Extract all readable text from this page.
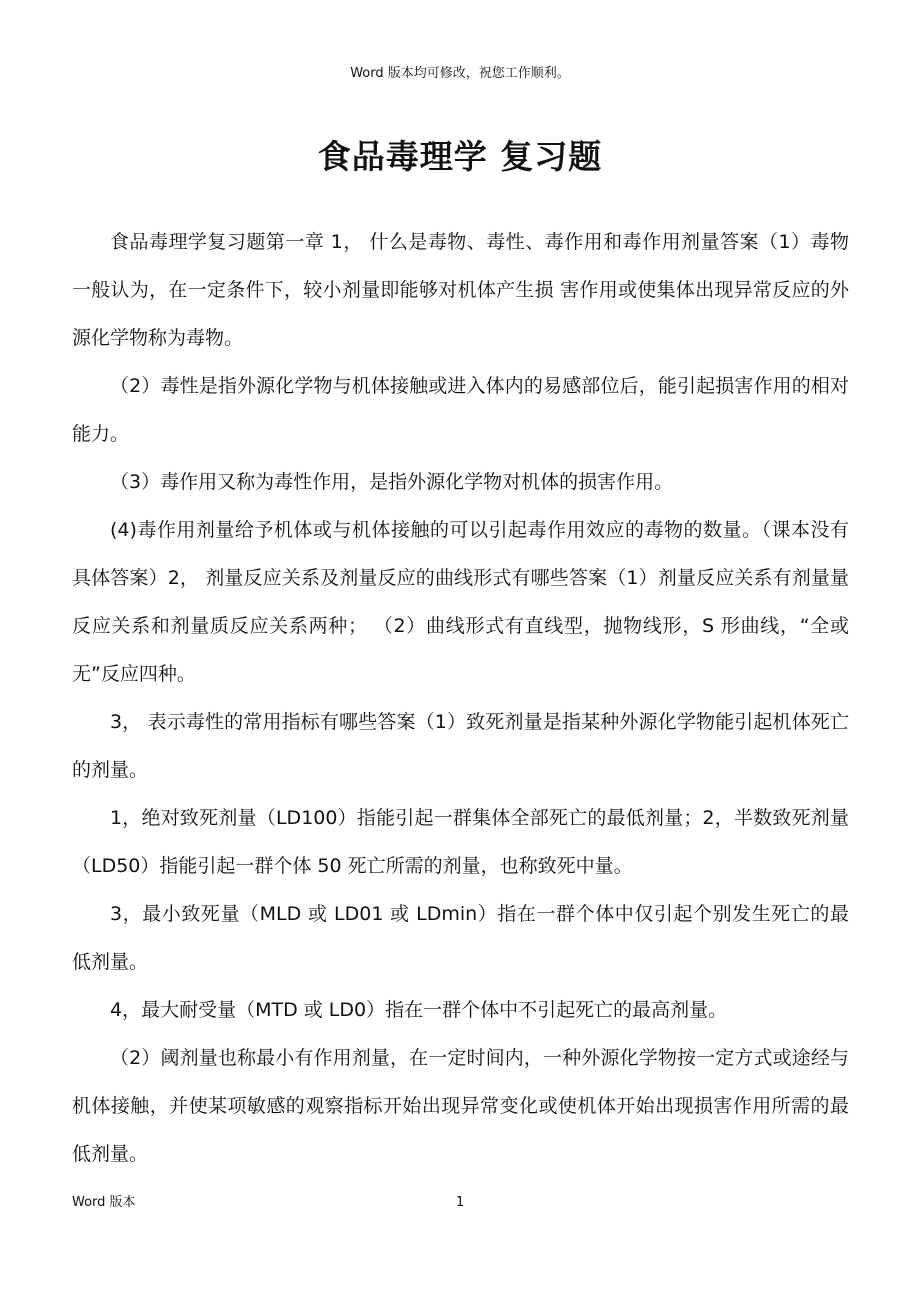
Word 版本均可修改，祝您工作顺利。
食品毒理学 复习题

食品毒理学复习题第一章 1， 什么是毒物、毒性、毒作用和毒作用剂量答案（1）毒物一般认为，在一定条件下，较小剂量即能够对机体产生损 害作用或使集体出现异常反应的外源化学物称为毒物。

（2）毒性是指外源化学物与机体接触或进入体内的易感部位后，能引起损害作用的相对能力。

（3）毒作用又称为毒性作用，是指外源化学物对机体的损害作用。

(4)毒作用剂量给予机体或与机体接触的可以引起毒作用效应的毒物的数量。（课本没有具体答案）2， 剂量反应关系及剂量反应的曲线形式有哪些答案（1）剂量反应关系有剂量量反应关系和剂量质反应关系两种； （2）曲线形式有直线型，抛物线形，S 形曲线，“全或无”反应四种。

3， 表示毒性的常用指标有哪些答案（1）致死剂量是指某种外源化学物能引起机体死亡的剂量。

1，绝对致死剂量（LD100）指能引起一群集体全部死亡的最低剂量；2，半数致死剂量（LD50）指能引起一群个体 50 死亡所需的剂量，也称致死中量。

3，最小致死量（MLD 或 LD01 或 LDmin）指在一群个体中仅引起个别发生死亡的最低剂量。

4，最大耐受量（MTD 或 LD0）指在一群个体中不引起死亡的最高剂量。

（2）阈剂量也称最小有作用剂量，在一定时间内，一种外源化学物按一定方式或途经与机体接触，并使某项敏感的观察指标开始出现异常变化或使机体开始出现损害作用所需的最低剂量。

Word 版本	1
